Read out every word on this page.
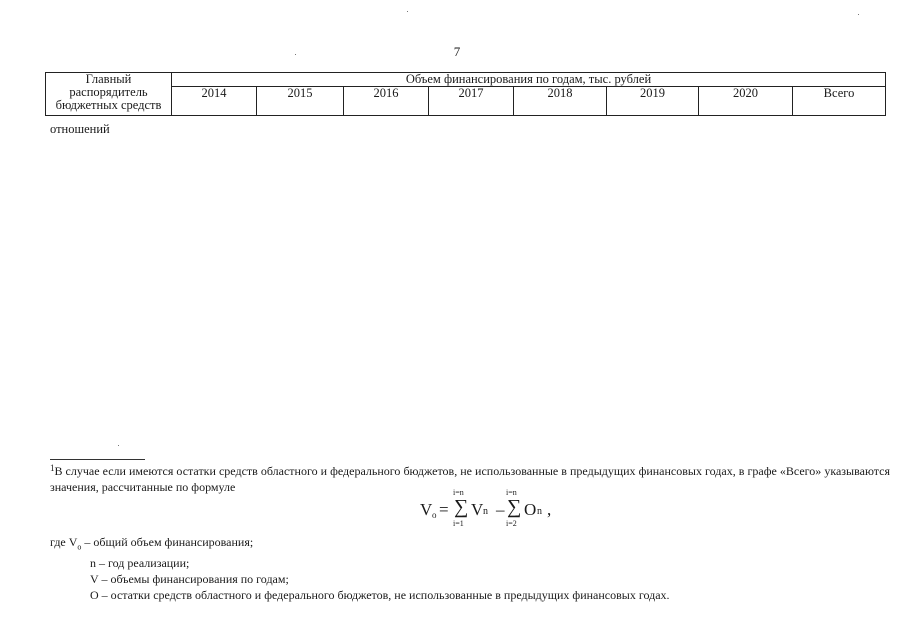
7
Главный
распорядитель
бюджетных средств	Объем финансирования по годам, тыс. рублей							
	2014	2015	2016	2017	2018	2019	2020	Всего
отношений
$^1$В случае если имеются остатки средств областного и федерального бюджетов, не использованные в предыдущих финансовых годах, в графе «Всего» указываются значения, рассчитанные по формуле
V o =
i=n
∑
i=1
V n –
i=n
∑
i=2
O n ,
где $V_o$ – общий объем финансирования;
n – год реализации;
V – объемы финансирования по годам;
О – остатки средств областного и федерального бюджетов, не использованные в предыдущих финансовых годах.
